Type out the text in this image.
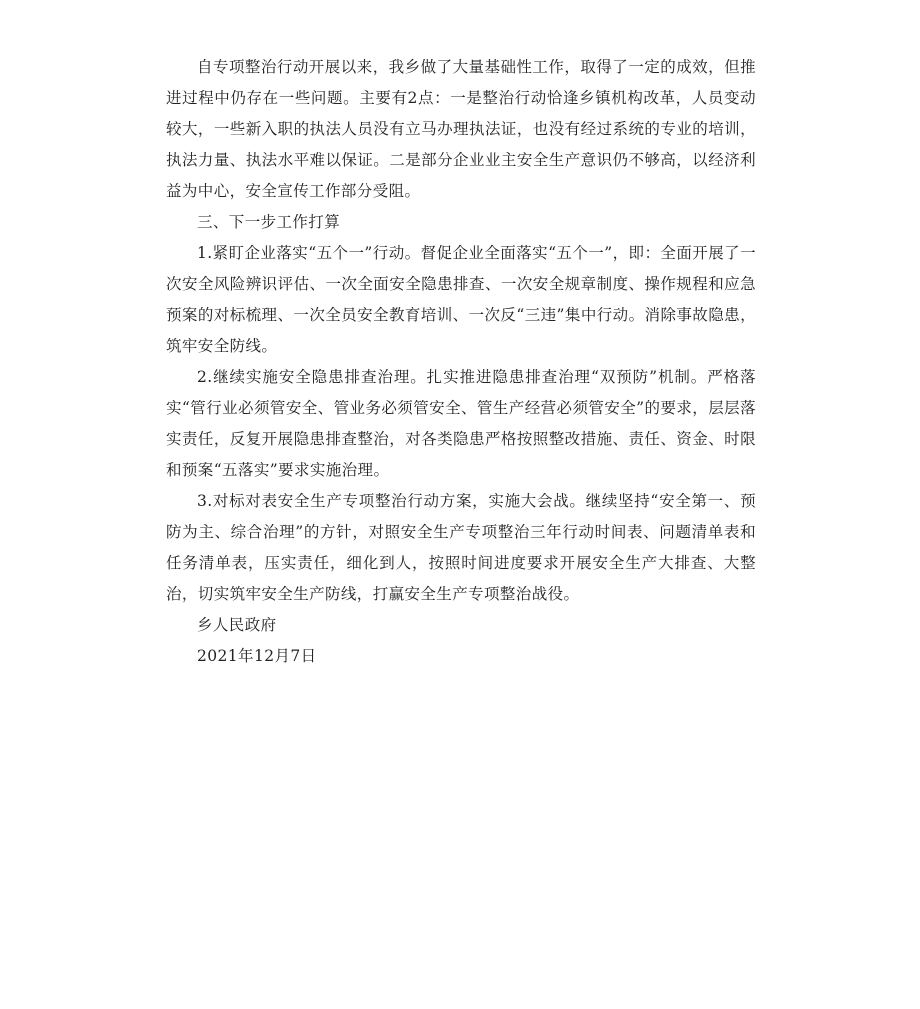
自专项整治行动开展以来，我乡做了大量基础性工作，取得了一定的成效，但推进过程中仍存在一些问题。主要有2点：一是整治行动恰逢乡镇机构改革，人员变动较大，一些新入职的执法人员没有立马办理执法证，也没有经过系统的专业的培训，执法力量、执法水平难以保证。二是部分企业业主安全生产意识仍不够高，以经济利益为中心，安全宣传工作部分受阻。

三、下一步工作打算

1.紧盯企业落实“五个一”行动。督促企业全面落实“五个一”，即：全面开展了一次安全风险辨识评估、一次全面安全隐患排查、一次安全规章制度、操作规程和应急预案的对标梳理、一次全员安全教育培训、一次反“三违”集中行动。消除事故隐患，筑牢安全防线。

2.继续实施安全隐患排查治理。扎实推进隐患排查治理“双预防”机制。严格落实“管行业必须管安全、管业务必须管安全、管生产经营必须管安全”的要求，层层落实责任，反复开展隐患排查整治，对各类隐患严格按照整改措施、责任、资金、时限和预案“五落实”要求实施治理。

3.对标对表安全生产专项整治行动方案，实施大会战。继续坚持“安全第一、预防为主、综合治理”的方针，对照安全生产专项整治三年行动时间表、问题清单表和任务清单表，压实责任，细化到人，按照时间进度要求开展安全生产大排查、大整治，切实筑牢安全生产防线，打赢安全生产专项整治战役。

乡人民政府

2021年12月7日
